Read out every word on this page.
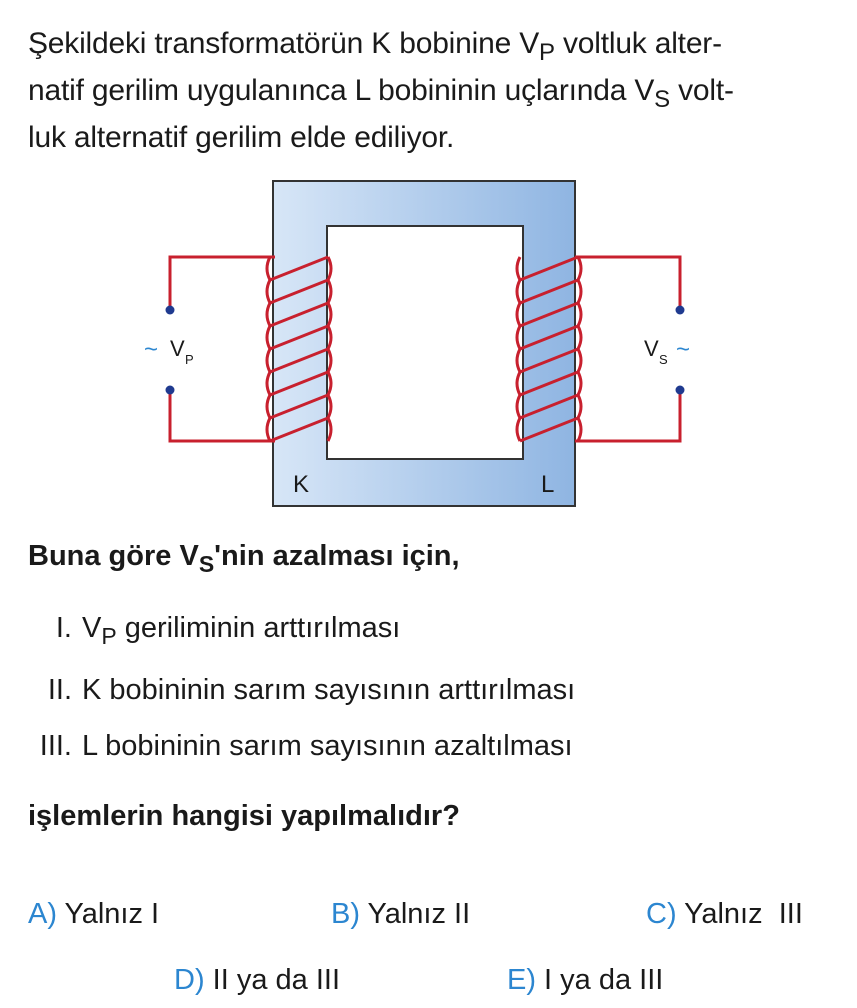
Şekildeki transformatörün K bobinine $V_P$ voltluk alter-
natif gerilim uygulanınca L bobininin uçlarında $V_S$ volt-
luk alternatif gerilim elde ediliyor.
~ V P	V S ~
K	L
Buna göre $V_S'nin$ azalması için,
I. $V_P$ geriliminin arttırılması
II. K bobininin sarım sayısının arttırılması
III. L bobininin sarım sayısının azaltılması
işlemlerin hangisi yapılmalıdır?
A) Yalnız I	B) Yalnız II	C) Yalnız  III
D) II ya da III	E) I ya da III
